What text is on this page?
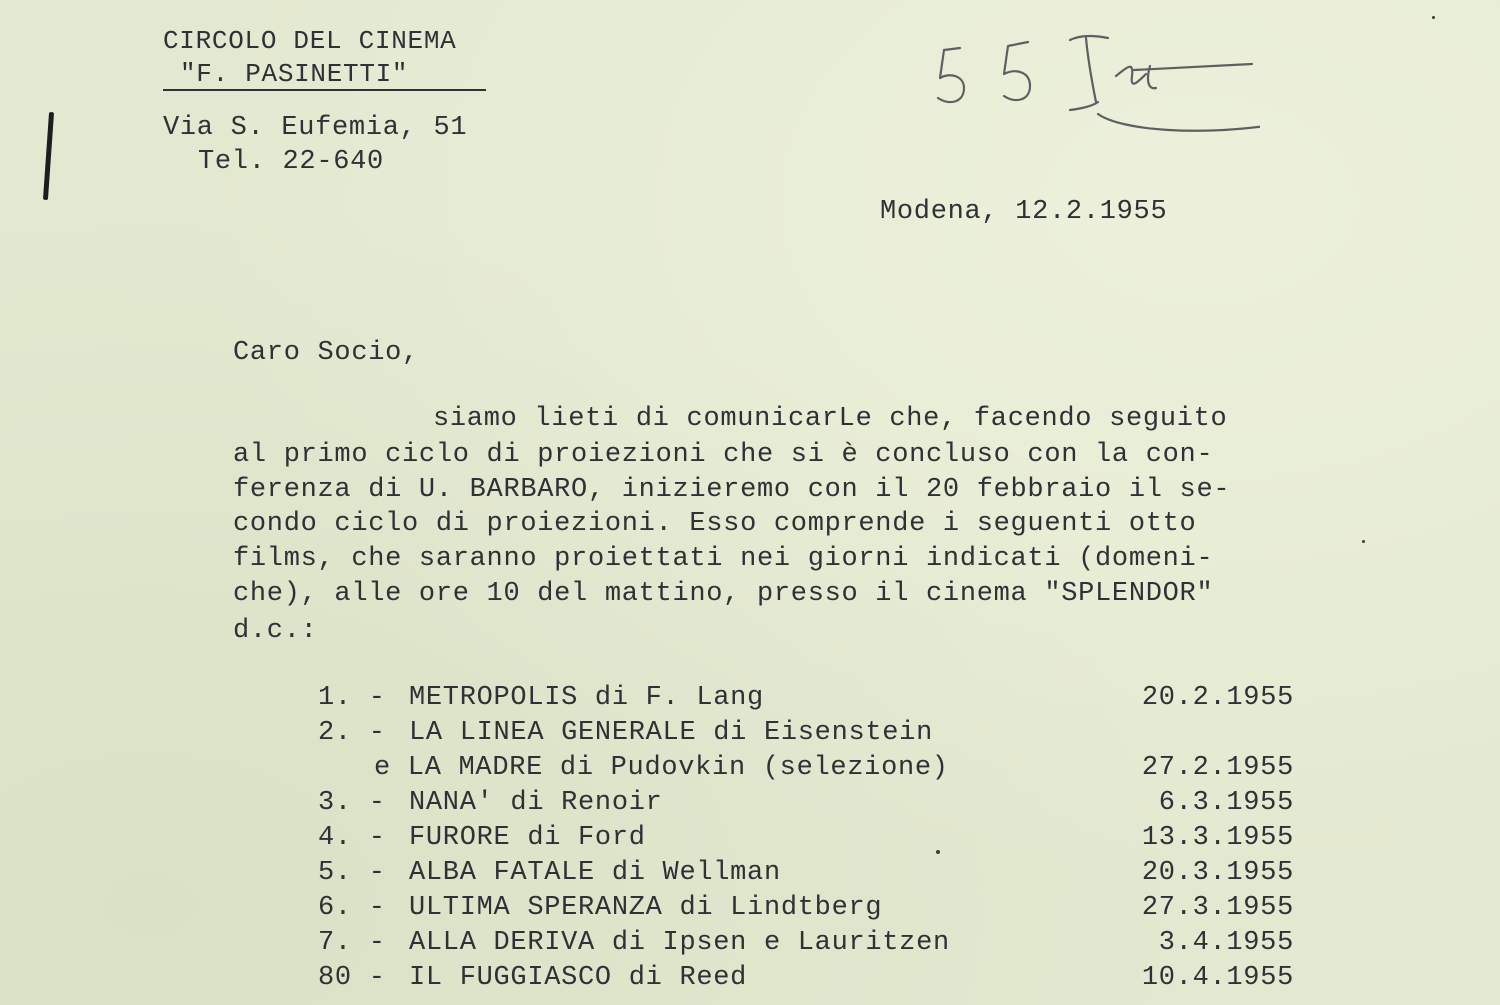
CIRCOLO DEL CINEMA
"F. PASINETTI"
Via S. Eufemia, 51
Tel. 22-640
Modena, 12.2.1955
Caro Socio,
siamo lieti di comunicarLe che, facendo seguito
al primo ciclo di proiezioni che si è concluso con la con-
ferenza di U. BARBARO, inizieremo con il 20 febbraio il se-
condo ciclo di proiezioni. Esso comprende i seguenti otto
films, che saranno proiettati nei giorni indicati (domeni-
che), alle ore 10 del mattino, presso il cinema "SPLENDOR"
d.c.:
1. - METROPOLIS di F. Lang	20.2.1955
2. - LA LINEA GENERALE di Eisenstein
e LA MADRE di Pudovkin (selezione)	27.2.1955
3. - NANA' di Renoir	6.3.1955
4. - FURORE di Ford	13.3.1955
5. - ALBA FATALE di Wellman	20.3.1955
6. - ULTIMA SPERANZA di Lindtberg	27.3.1955
7. - ALLA DERIVA di Ipsen e Lauritzen	3.4.1955
80 - IL FUGGIASCO di Reed	10.4.1955
